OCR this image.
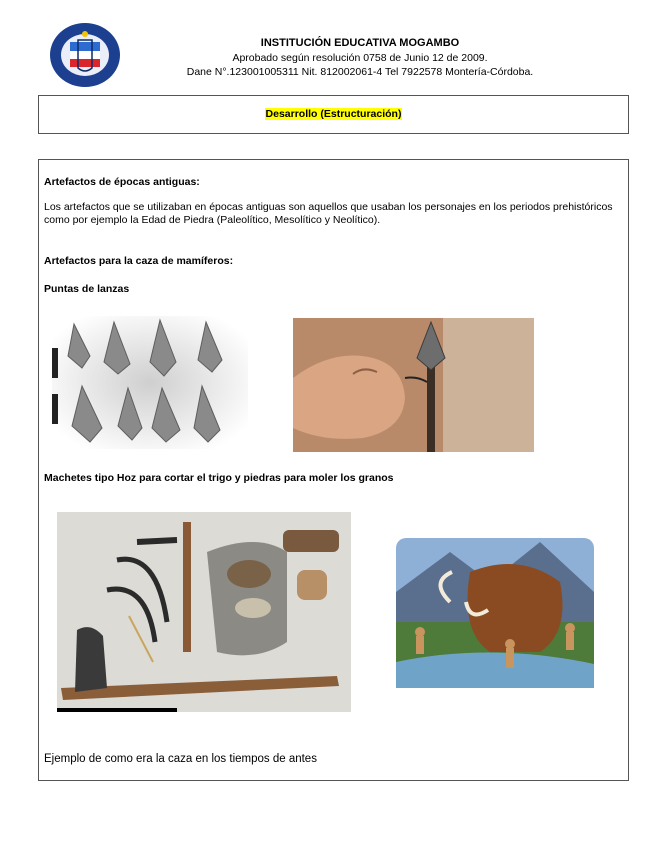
INSTITUCIÓN EDUCATIVA MOGAMBO
Aprobado según resolución 0758 de Junio 12 de 2009.
Dane N°.123001005311 Nit. 812002061-4 Tel 7922578 Montería-Córdoba.
Desarrollo (Estructuración)
Artefactos de épocas antiguas:
Los artefactos que se utilizaban en épocas antiguas son aquellos que usaban los personajes en los periodos prehistóricos como por ejemplo la Edad de Piedra (Paleolítico, Mesolítico y Neolítico).
Artefactos para la caza de mamíferos:
Puntas de lanzas
Machetes tipo Hoz para cortar el trigo y piedras para moler los granos
Ejemplo de como era la caza en los tiempos de antes
